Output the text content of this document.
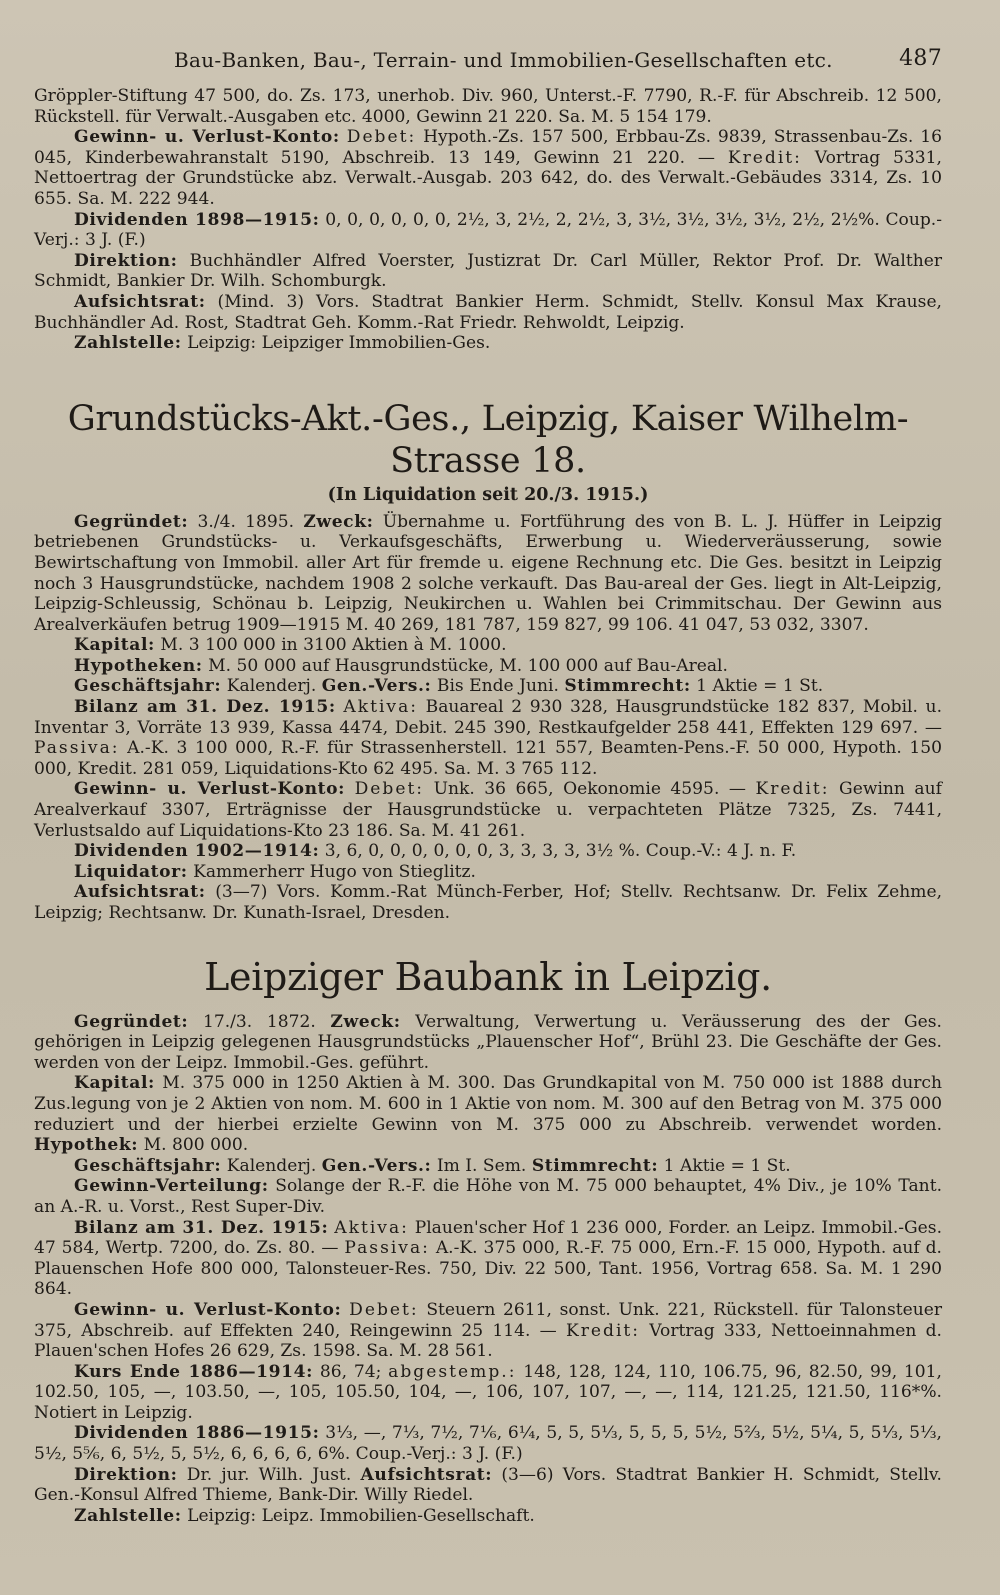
Bau-Banken, Bau-, Terrain- und Immobilien-Gesellschaften etc.	487

Gröppler-Stiftung 47 500, do. Zs. 173, unerhob. Div. 960, Unterst.-F. 7790, R.-F. für Abschreib. 12 500, Rückstell. für Verwalt.-Ausgaben etc. 4000, Gewinn 21 220. Sa. M. 5 154 179.

Gewinn- u. Verlust-Konto: Debet: Hypoth.-Zs. 157 500, Erbbau-Zs. 9839, Strassenbau-Zs. 16 045, Kinderbewahranstalt 5190, Abschreib. 13 149, Gewinn 21 220. — Kredit: Vortrag 5331, Nettoertrag der Grundstücke abz. Verwalt.-Ausgab. 203 642, do. des Verwalt.-Gebäudes 3314, Zs. 10 655. Sa. M. 222 944.

Dividenden 1898—1915: 0, 0, 0, 0, 0, 0, 2½, 3, 2½, 2, 2½, 3, 3½, 3½, 3½, 3½, 2½, 2½%. Coup.-Verj.: 3 J. (F.)

Direktion: Buchhändler Alfred Voerster, Justizrat Dr. Carl Müller, Rektor Prof. Dr. Walther Schmidt, Bankier Dr. Wilh. Schomburgk.

Aufsichtsrat: (Mind. 3) Vors. Stadtrat Bankier Herm. Schmidt, Stellv. Konsul Max Krause, Buchhändler Ad. Rost, Stadtrat Geh. Komm.-Rat Friedr. Rehwoldt, Leipzig.

Zahlstelle: Leipzig: Leipziger Immobilien-Ges.

Grundstücks-Akt.-Ges., Leipzig, Kaiser Wilhelm-Strasse 18.
(In Liquidation seit 20./3. 1915.)

Gegründet: 3./4. 1895. Zweck: Übernahme u. Fortführung des von B. L. J. Hüffer in Leipzig betriebenen Grundstücks- u. Verkaufsgeschäfts, Erwerbung u. Wiederveräusserung, sowie Bewirtschaftung von Immobil. aller Art für fremde u. eigene Rechnung etc. Die Ges. besitzt in Leipzig noch 3 Hausgrundstücke, nachdem 1908 2 solche verkauft. Das Bau-areal der Ges. liegt in Alt-Leipzig, Leipzig-Schleussig, Schönau b. Leipzig, Neukirchen u. Wahlen bei Crimmitschau. Der Gewinn aus Arealverkäufen betrug 1909—1915 M. 40 269, 181 787, 159 827, 99 106. 41 047, 53 032, 3307.

Kapital: M. 3 100 000 in 3100 Aktien à M. 1000.

Hypotheken: M. 50 000 auf Hausgrundstücke, M. 100 000 auf Bau-Areal.

Geschäftsjahr: Kalenderj. Gen.-Vers.: Bis Ende Juni. Stimmrecht: 1 Aktie = 1 St.

Bilanz am 31. Dez. 1915: Aktiva: Bauareal 2 930 328, Hausgrundstücke 182 837, Mobil. u. Inventar 3, Vorräte 13 939, Kassa 4474, Debit. 245 390, Restkaufgelder 258 441, Effekten 129 697. — Passiva: A.-K. 3 100 000, R.-F. für Strassenherstell. 121 557, Beamten-Pens.-F. 50 000, Hypoth. 150 000, Kredit. 281 059, Liquidations-Kto 62 495. Sa. M. 3 765 112.

Gewinn- u. Verlust-Konto: Debet: Unk. 36 665, Oekonomie 4595. — Kredit: Gewinn auf Arealverkauf 3307, Erträgnisse der Hausgrundstücke u. verpachteten Plätze 7325, Zs. 7441, Verlustsaldo auf Liquidations-Kto 23 186. Sa. M. 41 261.

Dividenden 1902—1914: 3, 6, 0, 0, 0, 0, 0, 0, 3, 3, 3, 3, 3½ %. Coup.-V.: 4 J. n. F.

Liquidator: Kammerherr Hugo von Stieglitz.

Aufsichtsrat: (3—7) Vors. Komm.-Rat Münch-Ferber, Hof; Stellv. Rechtsanw. Dr. Felix Zehme, Leipzig; Rechtsanw. Dr. Kunath-Israel, Dresden.

Leipziger Baubank in Leipzig.

Gegründet: 17./3. 1872. Zweck: Verwaltung, Verwertung u. Veräusserung des der Ges. gehörigen in Leipzig gelegenen Hausgrundstücks „Plauenscher Hof“, Brühl 23. Die Geschäfte der Ges. werden von der Leipz. Immobil.-Ges. geführt.

Kapital: M. 375 000 in 1250 Aktien à M. 300. Das Grundkapital von M. 750 000 ist 1888 durch Zus.legung von je 2 Aktien von nom. M. 600 in 1 Aktie von nom. M. 300 auf den Betrag von M. 375 000 reduziert und der hierbei erzielte Gewinn von M. 375 000 zu Abschreib. verwendet worden. Hypothek: M. 800 000.

Geschäftsjahr: Kalenderj. Gen.-Vers.: Im I. Sem. Stimmrecht: 1 Aktie = 1 St.

Gewinn-Verteilung: Solange der R.-F. die Höhe von M. 75 000 behauptet, 4% Div., je 10% Tant. an A.-R. u. Vorst., Rest Super-Div.

Bilanz am 31. Dez. 1915: Aktiva: Plauen'scher Hof 1 236 000, Forder. an Leipz. Immobil.-Ges. 47 584, Wertp. 7200, do. Zs. 80. — Passiva: A.-K. 375 000, R.-F. 75 000, Ern.-F. 15 000, Hypoth. auf d. Plauenschen Hofe 800 000, Talonsteuer-Res. 750, Div. 22 500, Tant. 1956, Vortrag 658. Sa. M. 1 290 864.

Gewinn- u. Verlust-Konto: Debet: Steuern 2611, sonst. Unk. 221, Rückstell. für Talonsteuer 375, Abschreib. auf Effekten 240, Reingewinn 25 114. — Kredit: Vortrag 333, Nettoeinnahmen d. Plauen'schen Hofes 26 629, Zs. 1598. Sa. M. 28 561.

Kurs Ende 1886—1914: 86, 74; abgestemp.: 148, 128, 124, 110, 106.75, 96, 82.50, 99, 101, 102.50, 105, —, 103.50, —, 105, 105.50, 104, —, 106, 107, 107, —, —, 114, 121.25, 121.50, 116*%. Notiert in Leipzig.

Dividenden 1886—1915: 3⅓, —, 7⅓, 7½, 7⅙, 6¼, 5, 5, 5⅓, 5, 5, 5, 5½, 5⅔, 5½, 5¼, 5, 5⅓, 5⅓, 5½, 5⅚, 6, 5½, 5, 5½, 6, 6, 6, 6, 6%. Coup.-Verj.: 3 J. (F.)

Direktion: Dr. jur. Wilh. Just. Aufsichtsrat: (3—6) Vors. Stadtrat Bankier H. Schmidt, Stellv. Gen.-Konsul Alfred Thieme, Bank-Dir. Willy Riedel.

Zahlstelle: Leipzig: Leipz. Immobilien-Gesellschaft.
